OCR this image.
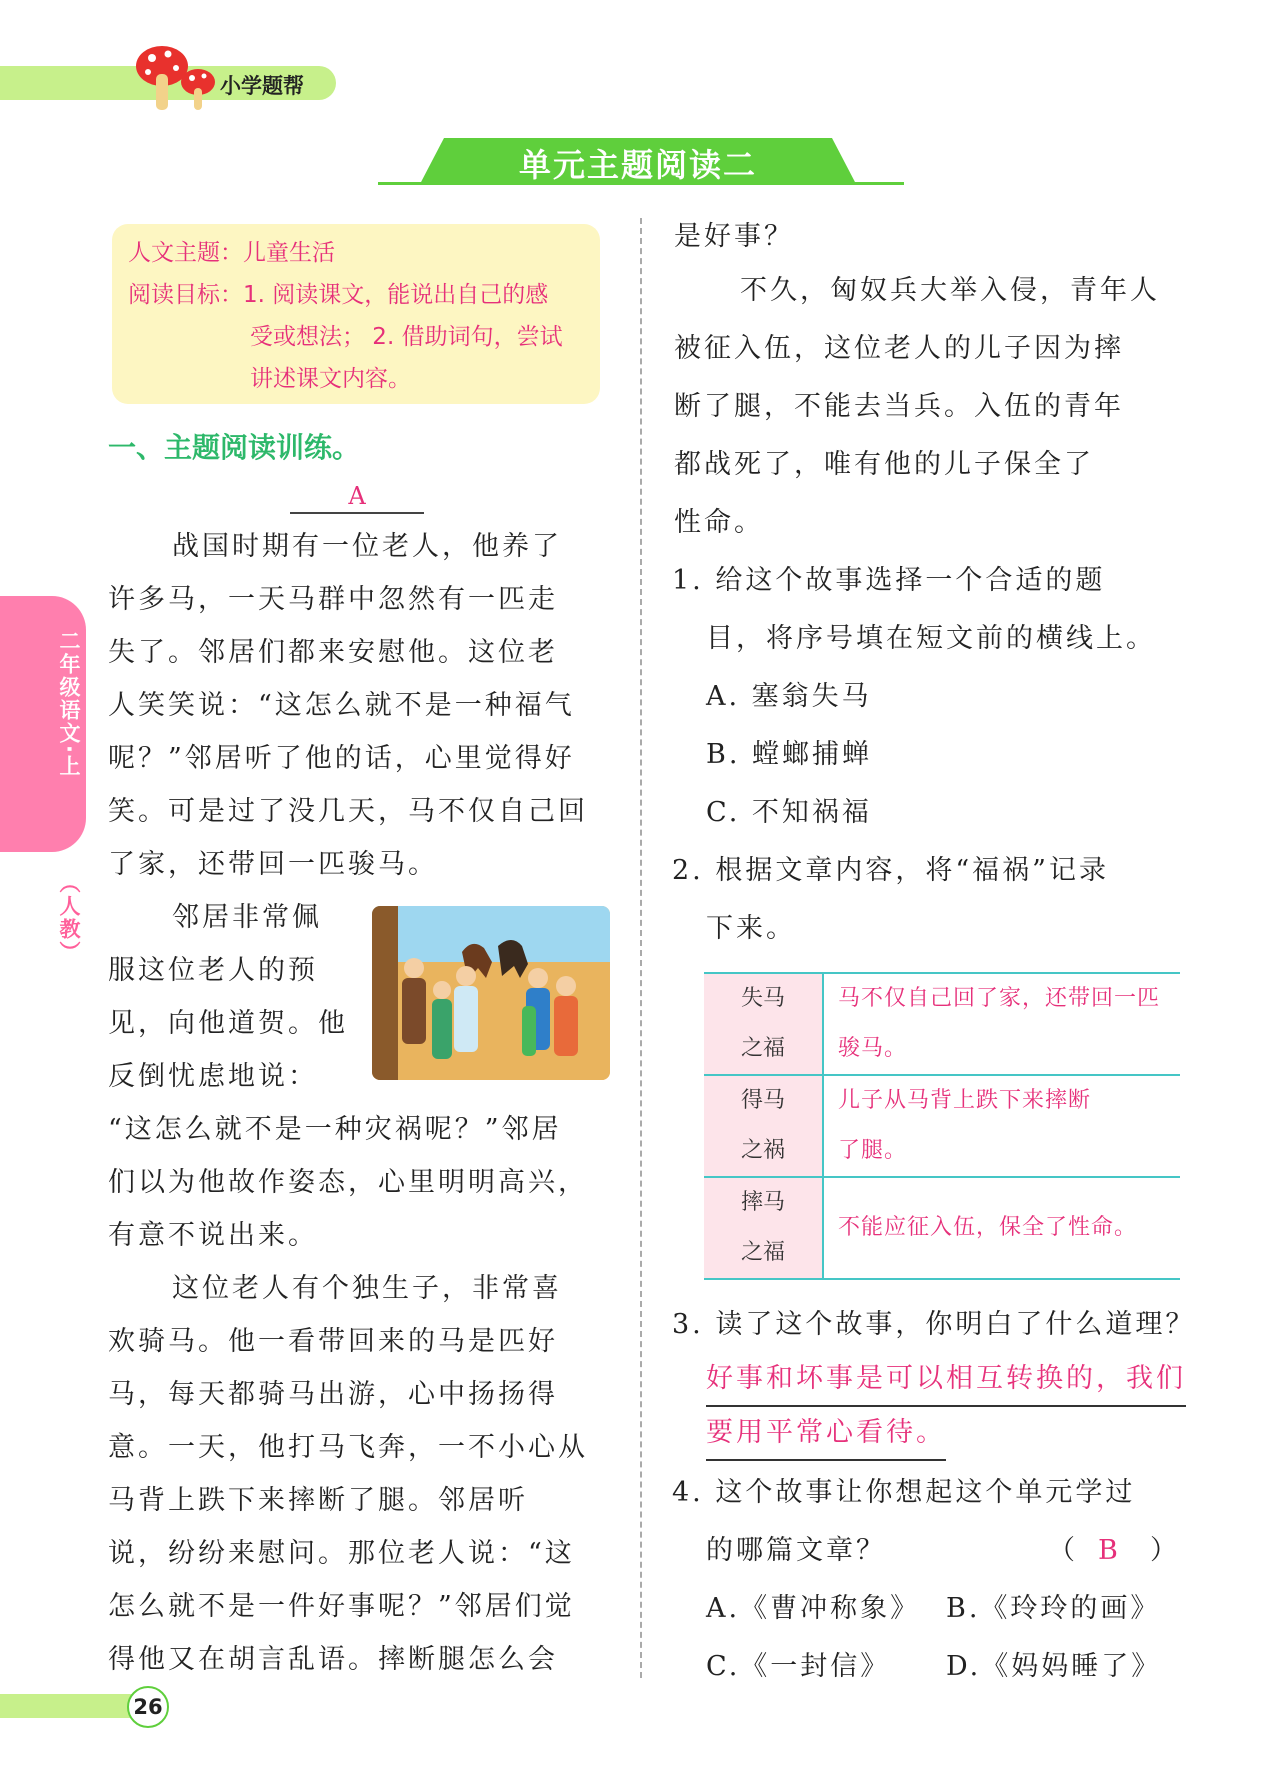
小学题帮
单元主题阅读二
二年级语文·上
（人教）
人文主题：儿童生活
阅读目标：1. 阅读课文，能说出自己的感
受或想法； 2. 借助词句，尝试
讲述课文内容。
一、主题阅读训练。
A
战国时期有一位老人，他养了
许多马，一天马群中忽然有一匹走
失了。邻居们都来安慰他。这位老
人笑笑说：“这怎么就不是一种福气
呢？”邻居听了他的话，心里觉得好
笑。可是过了没几天，马不仅自己回
了家，还带回一匹骏马。
邻居非常佩
服这位老人的预
见，向他道贺。他
反倒忧虑地说：
“这怎么就不是一种灾祸呢？”邻居
们以为他故作姿态，心里明明高兴，
有意不说出来。
这位老人有个独生子，非常喜
欢骑马。他一看带回来的马是匹好
马，每天都骑马出游，心中扬扬得
意。一天，他打马飞奔，一不小心从
马背上跌下来摔断了腿。邻居听
说，纷纷来慰问。那位老人说：“这
怎么就不是一件好事呢？”邻居们觉
得他又在胡言乱语。摔断腿怎么会
是好事？
不久，匈奴兵大举入侵，青年人
被征入伍，这位老人的儿子因为摔
断了腿，不能去当兵。入伍的青年
都战死了，唯有他的儿子保全了
性命。
1. 给这个故事选择一个合适的题
目，将序号填在短文前的横线上。
A. 塞翁失马
B. 螳螂捕蝉
C. 不知祸福
2. 根据文章内容，将“福祸”记录
下来。
失马
之福	马不仅自己回了家，还带回一匹
骏马。
得马
之祸	儿子从马背上跌下来摔断
了腿。
摔马
之福	不能应征入伍，保全了性命。
3. 读了这个故事，你明白了什么道理？
好事和坏事是可以相互转换的，我们
要用平常心看待。
4. 这个故事让你想起这个单元学过
的哪篇文章？	（ B ）
A.《曹冲称象》 B.《玲玲的画》
C.《一封信》 D.《妈妈睡了》
26
